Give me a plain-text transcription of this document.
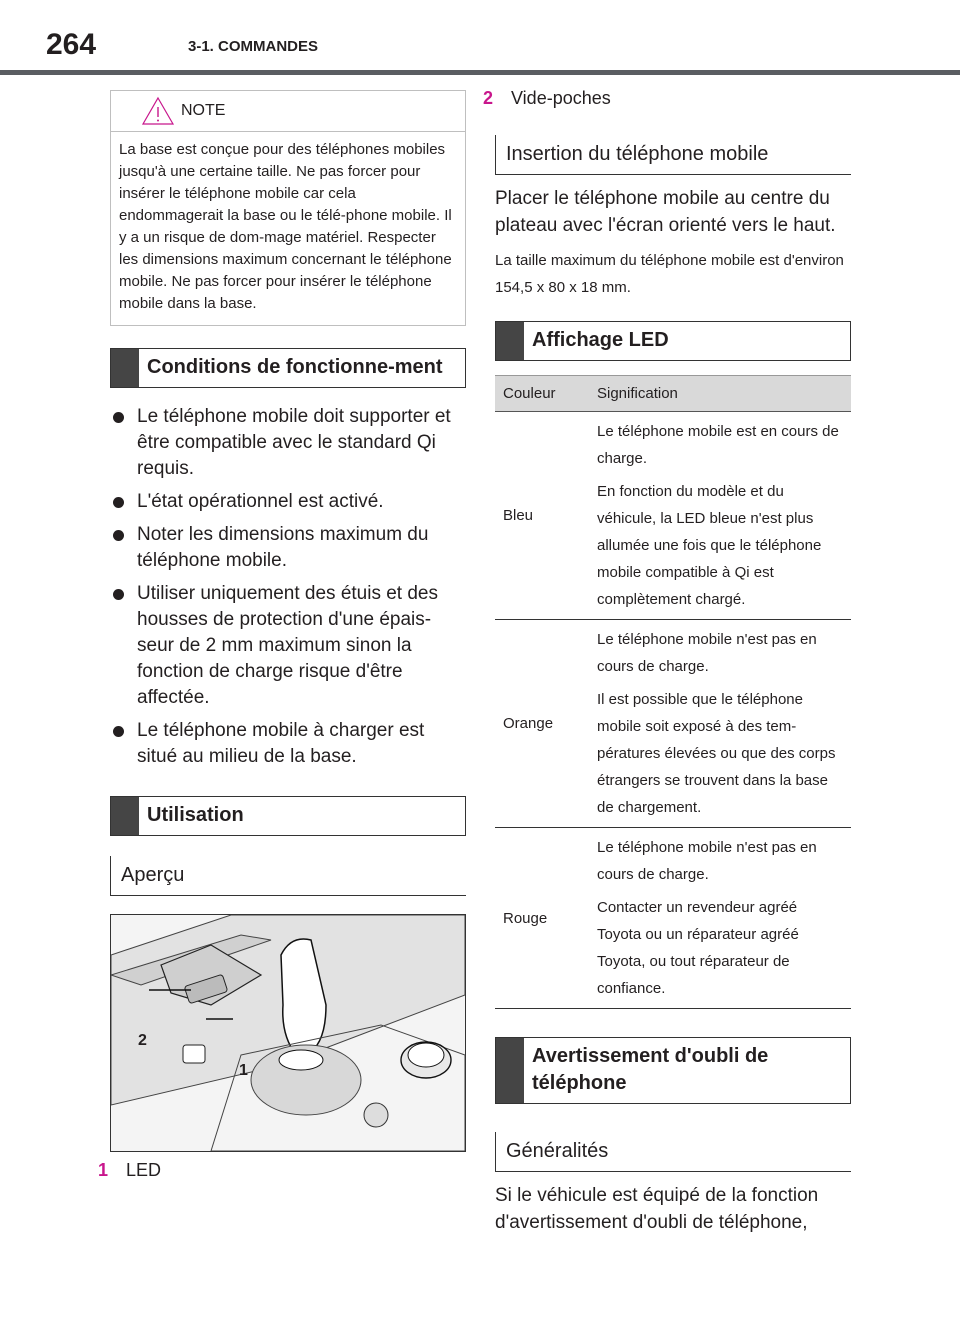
264	3-1. COMMANDES
NOTE
La base est conçue pour des téléphones mobiles jusqu'à une certaine taille. Ne pas forcer pour insérer le téléphone mobile car cela endommagerait la base ou le télé-phone mobile. Il y a un risque de dom-mage matériel. Respecter les dimensions maximum concernant le téléphone mobile. Ne pas forcer pour insérer le téléphone mobile dans la base.
Conditions de fonctionne-ment
Le téléphone mobile doit supporter et être compatible avec le standard Qi requis.
L'état opérationnel est activé.
Noter les dimensions maximum du téléphone mobile.
Utiliser uniquement des étuis et des housses de protection d'une épais-seur de 2 mm maximum sinon la fonction de charge risque d'être affectée.
Le téléphone mobile à charger est situé au milieu de la base.
Utilisation
Aperçu
1 LED
2
1
2 Vide-poches
Insertion du téléphone mobile
Placer le téléphone mobile au centre du plateau avec l'écran orienté vers le haut.
La taille maximum du téléphone mobile est d'environ 154,5 x 80 x 18 mm.
Affichage LED
Couleur	Signification
Bleu	Le téléphone mobile est en cours de charge.

En fonction du modèle et du véhicule, la LED bleue n'est plus allumée une fois que le téléphone mobile compatible à Qi est complètement chargé.

Orange	Le téléphone mobile n'est pas en cours de charge.

Il est possible que le téléphone mobile soit exposé à des tem-pératures élevées ou que des corps étrangers se trouvent dans la base de chargement.

Rouge	Le téléphone mobile n'est pas en cours de charge.

Contacter un revendeur agréé Toyota ou un réparateur agréé Toyota, ou tout réparateur de confiance.

Avertissement d'oubli de téléphone
Généralités
Si le véhicule est équipé de la fonction d'avertissement d'oubli de téléphone,
